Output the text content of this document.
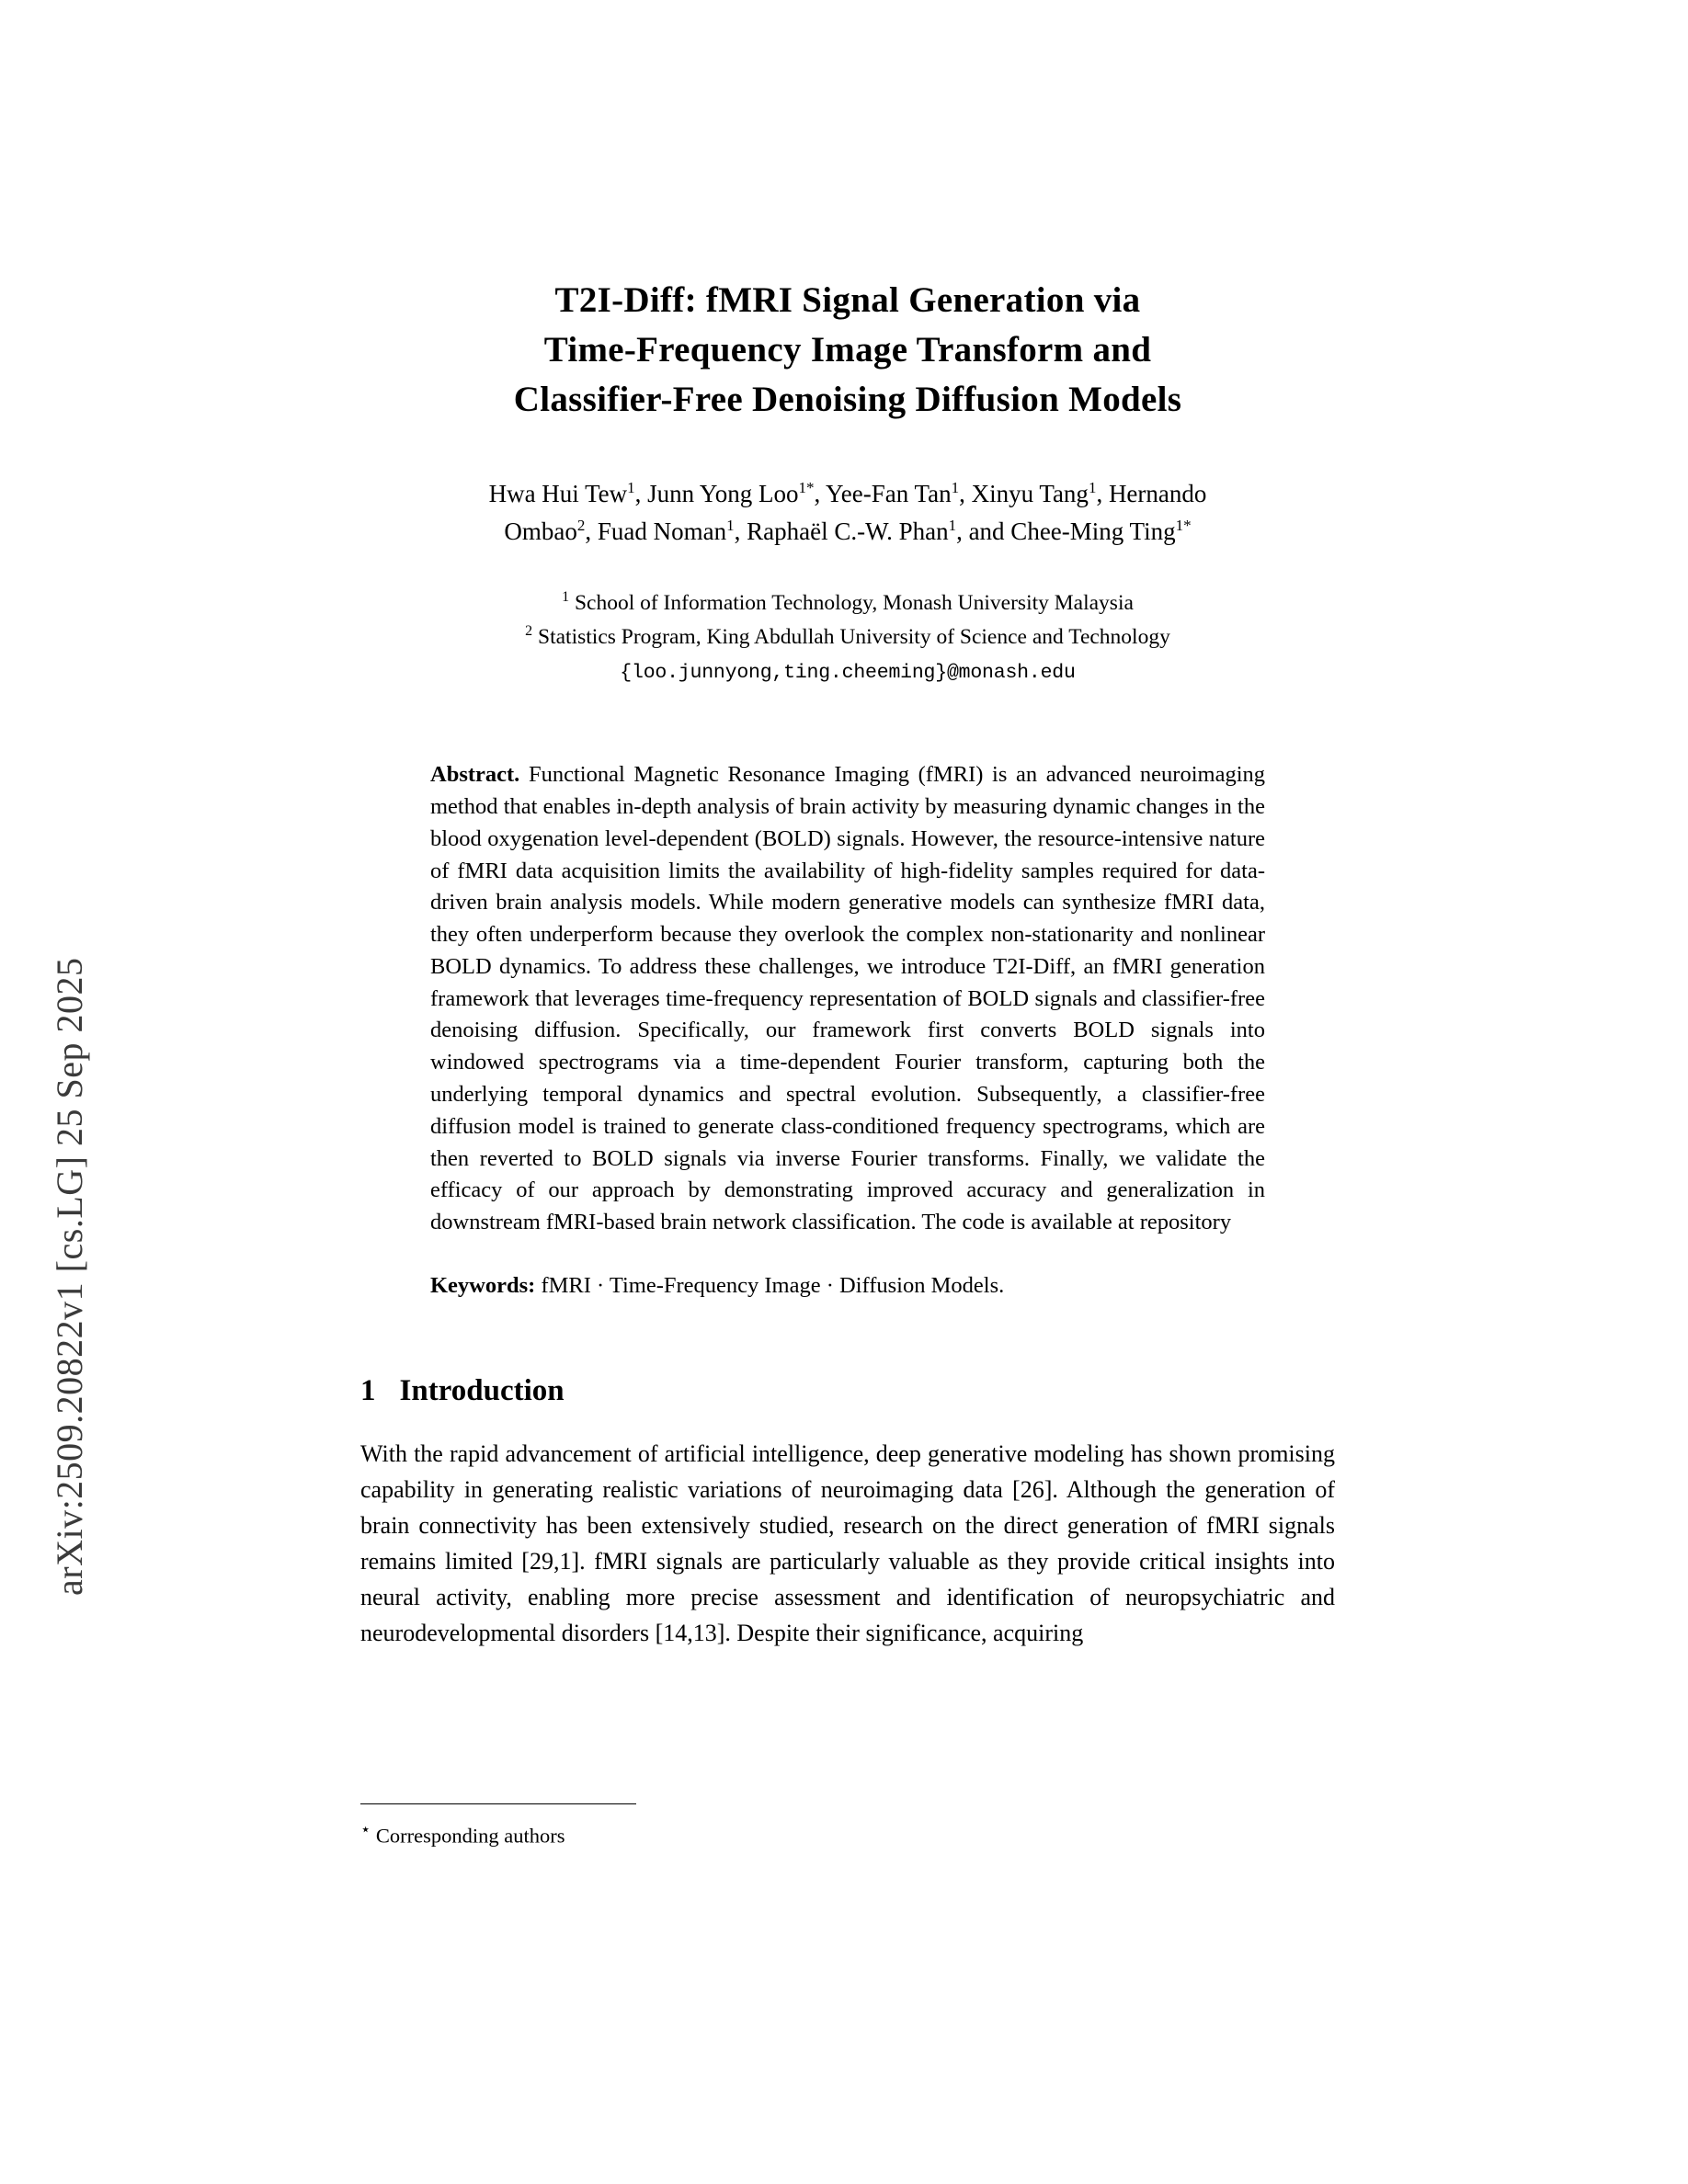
arXiv:2509.20822v1 [cs.LG] 25 Sep 2025
T2I-Diff: fMRI Signal Generation via
Time-Frequency Image Transform and
Classifier-Free Denoising Diffusion Models
Hwa Hui Tew$^1$, Junn Yong Loo$^{1*}$, Yee-Fan Tan$^1$, Xinyu Tang$^1$, Hernando
Ombao$^2$, Fuad Noman$^1$, Raphaël C.-W. Phan$^1$, and Chee-Ming Ting$^{1*}$
$^1$ School of Information Technology, Monash University Malaysia
$^2$ Statistics Program, King Abdullah University of Science and Technology
{loo.junnyong,ting.cheeming}@monash.edu
Abstract. Functional Magnetic Resonance Imaging (fMRI) is an advanced neuroimaging method that enables in-depth analysis of brain activity by measuring dynamic changes in the blood oxygenation level-dependent (BOLD) signals. However, the resource-intensive nature of fMRI data acquisition limits the availability of high-fidelity samples required for data-driven brain analysis models. While modern generative models can synthesize fMRI data, they often underperform because they overlook the complex non-stationarity and nonlinear BOLD dynamics. To address these challenges, we introduce T2I-Diff, an fMRI generation framework that leverages time-frequency representation of BOLD signals and classifier-free denoising diffusion. Specifically, our framework first converts BOLD signals into windowed spectrograms via a time-dependent Fourier transform, capturing both the underlying temporal dynamics and spectral evolution. Subsequently, a classifier-free diffusion model is trained to generate class-conditioned frequency spectrograms, which are then reverted to BOLD signals via inverse Fourier transforms. Finally, we validate the efficacy of our approach by demonstrating improved accuracy and generalization in downstream fMRI-based brain network classification. The code is available at repository
Keywords: fMRI · Time-Frequency Image · Diffusion Models.
1 Introduction

With the rapid advancement of artificial intelligence, deep generative modeling has shown promising capability in generating realistic variations of neuroimaging data [26]. Although the generation of brain connectivity has been extensively studied, research on the direct generation of fMRI signals remains limited [29,1]. fMRI signals are particularly valuable as they provide critical insights into neural activity, enabling more precise assessment and identification of neuropsychiatric and neurodevelopmental disorders [14,13]. Despite their significance, acquiring

⋆ Corresponding authors
